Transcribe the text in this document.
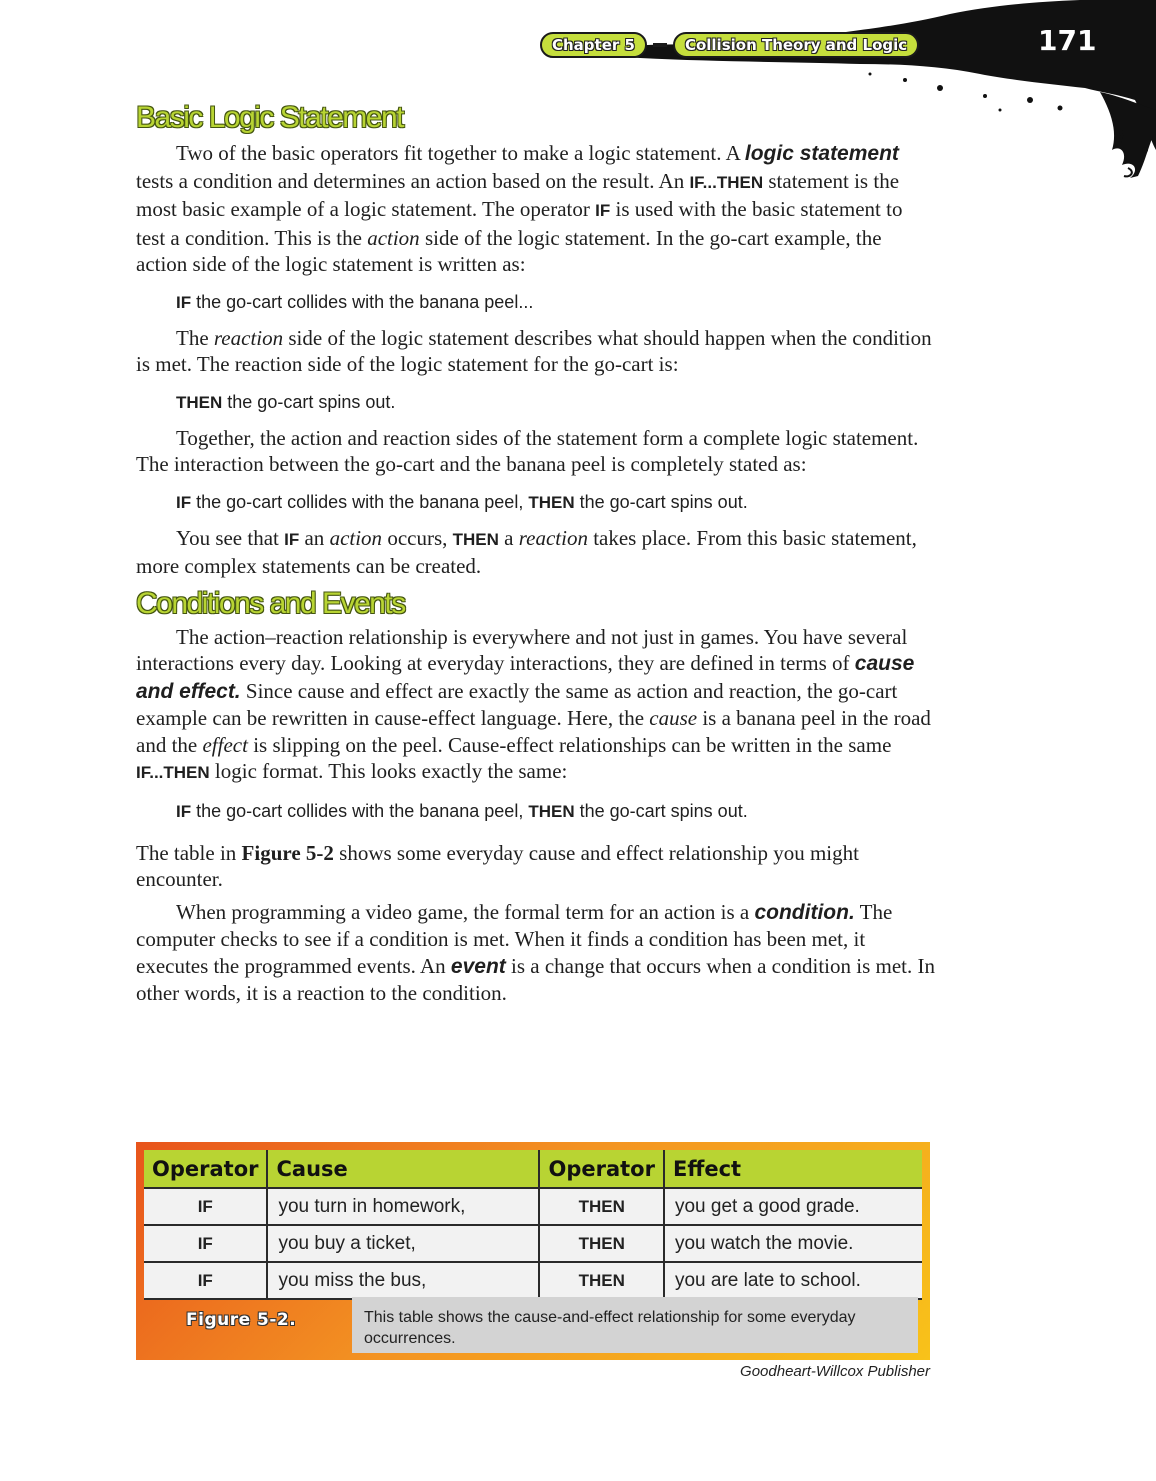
Chapter 5	Collision Theory and Logic	171
Basic Logic Statement

Two of the basic operators fit together to make a logic statement. A logic statement tests a condition and determines an action based on the result. An IF...THEN statement is the most basic example of a logic statement. The operator IF is used with the basic statement to test a condition. This is the action side of the logic statement. In the go-cart example, the action side of the logic statement is written as:

IF the go-cart collides with the banana peel...

The reaction side of the logic statement describes what should happen when the condition is met. The reaction side of the logic statement for the go-cart is:

THEN the go-cart spins out.

Together, the action and reaction sides of the statement form a complete logic statement. The interaction between the go-cart and the banana peel is completely stated as:

IF the go-cart collides with the banana peel, THEN the go-cart spins out.

You see that IF an action occurs, THEN a reaction takes place. From this basic statement, more complex statements can be created.

Conditions and Events

The action–reaction relationship is everywhere and not just in games. You have several interactions every day. Looking at everyday interactions, they are defined in terms of cause and effect. Since cause and effect are exactly the same as action and reaction, the go-cart example can be rewritten in cause-effect language. Here, the cause is a banana peel in the road and the effect is slipping on the peel. Cause-effect relationships can be written in the same IF...THEN logic format. This looks exactly the same:

IF the go-cart collides with the banana peel, THEN the go-cart spins out.

The table in Figure 5-2 shows some everyday cause and effect relationship you might encounter.

When programming a video game, the formal term for an action is a condition. The computer checks to see if a condition is met. When it finds a condition has been met, it executes the programmed events. An event is a change that occurs when a condition is met. In other words, it is a reaction to the condition.

Operator	Cause	Operator	Effect
IF	you turn in homework,	THEN	you get a good grade.
IF	you buy a ticket,	THEN	you watch the movie.
IF	you miss the bus,	THEN	you are late to school.
Figure 5-2.	This table shows the cause-and-effect relationship for some everyday occurrences.
Goodheart-Willcox Publisher
